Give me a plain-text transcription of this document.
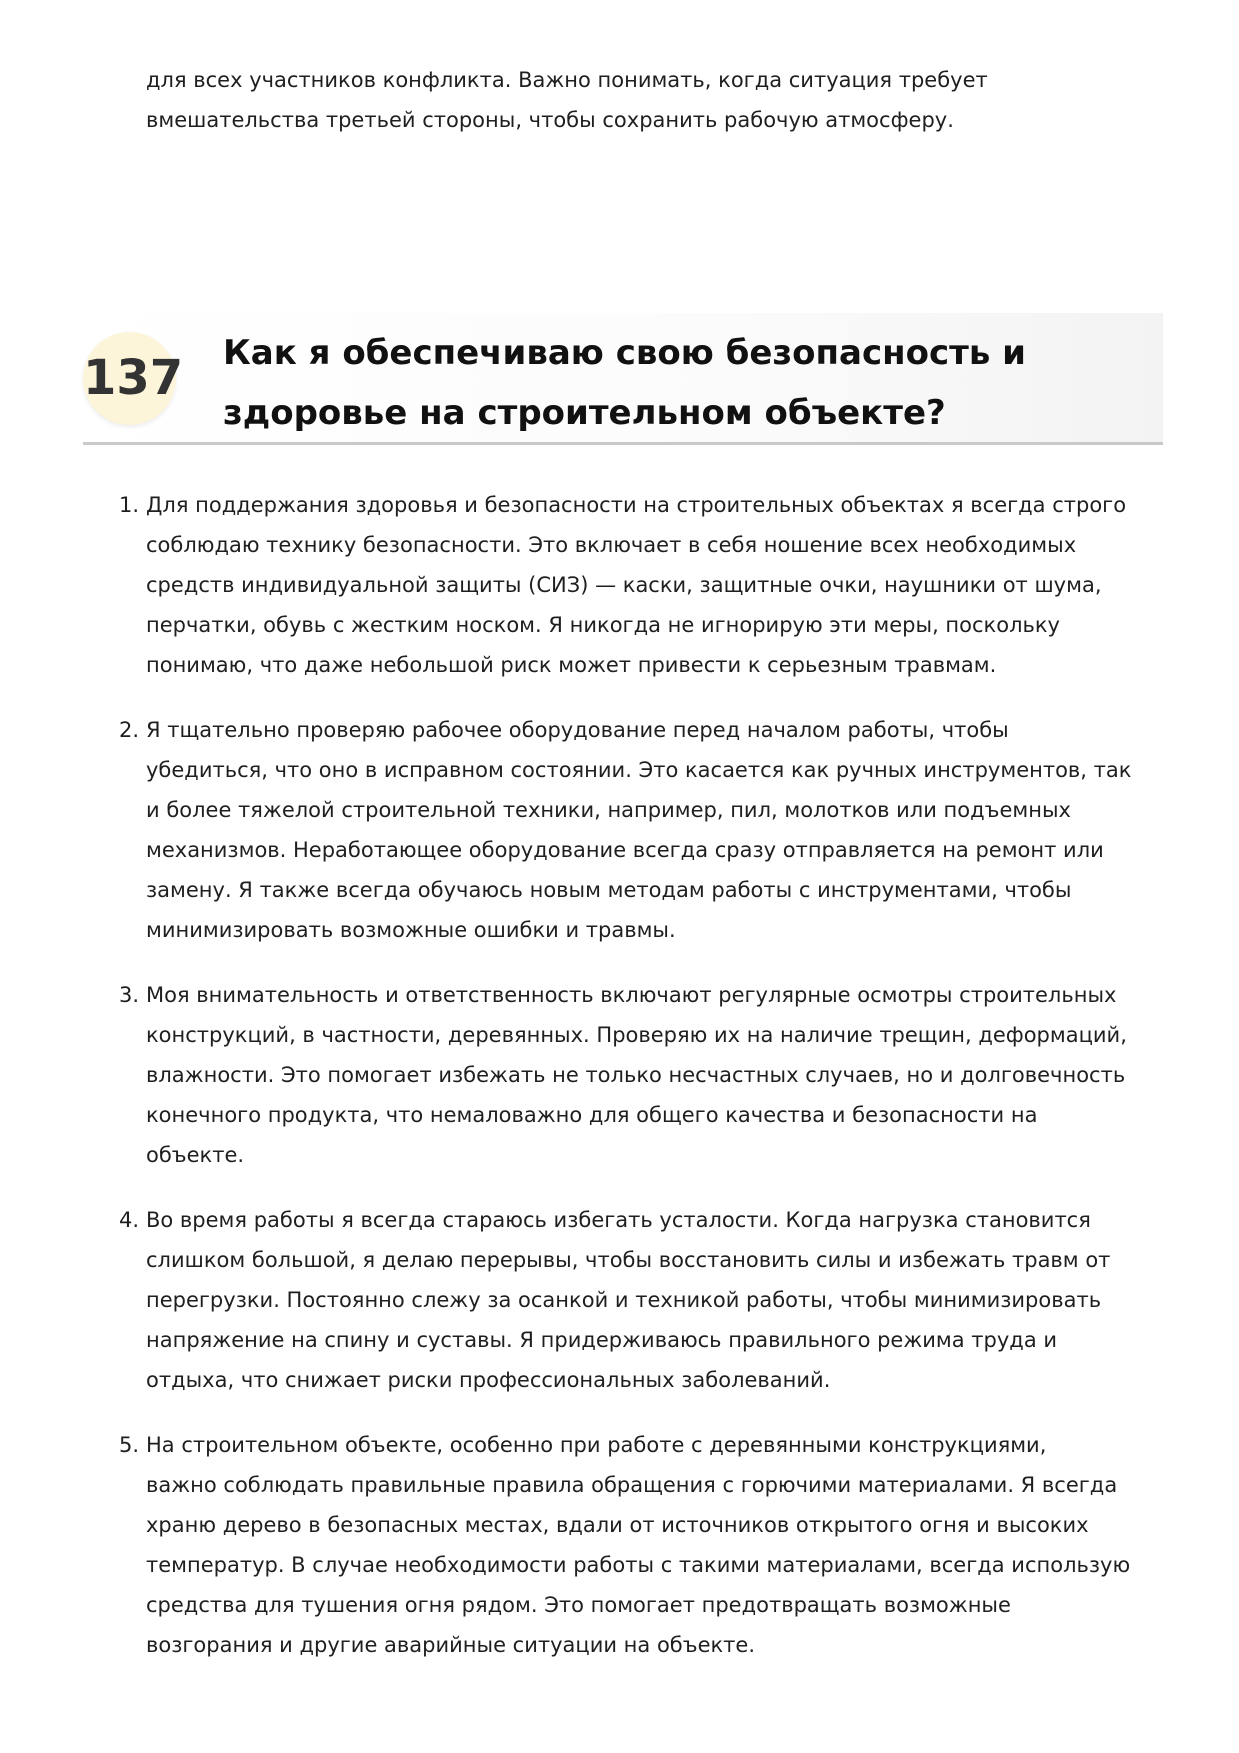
для всех участников конфликта. Важно понимать, когда ситуация требует
вмешательства третьей стороны, чтобы сохранить рабочую атмосферу.
137 Как я обеспечиваю свою безопасность и
здоровье на строительном объекте?
1. Для поддержания здоровья и безопасности на строительных объектах я всегда строго
соблюдаю технику безопасности. Это включает в себя ношение всех необходимых
средств индивидуальной защиты (СИЗ) — каски, защитные очки, наушники от шума,
перчатки, обувь с жестким носком. Я никогда не игнорирую эти меры, поскольку
понимаю, что даже небольшой риск может привести к серьезным травмам.
2. Я тщательно проверяю рабочее оборудование перед началом работы, чтобы
убедиться, что оно в исправном состоянии. Это касается как ручных инструментов, так
и более тяжелой строительной техники, например, пил, молотков или подъемных
механизмов. Неработающее оборудование всегда сразу отправляется на ремонт или
замену. Я также всегда обучаюсь новым методам работы с инструментами, чтобы
минимизировать возможные ошибки и травмы.
3. Моя внимательность и ответственность включают регулярные осмотры строительных
конструкций, в частности, деревянных. Проверяю их на наличие трещин, деформаций,
влажности. Это помогает избежать не только несчастных случаев, но и долговечность
конечного продукта, что немаловажно для общего качества и безопасности на
объекте.
4. Во время работы я всегда стараюсь избегать усталости. Когда нагрузка становится
слишком большой, я делаю перерывы, чтобы восстановить силы и избежать травм от
перегрузки. Постоянно слежу за осанкой и техникой работы, чтобы минимизировать
напряжение на спину и суставы. Я придерживаюсь правильного режима труда и
отдыха, что снижает риски профессиональных заболеваний.
5. На строительном объекте, особенно при работе с деревянными конструкциями,
важно соблюдать правильные правила обращения с горючими материалами. Я всегда
храню дерево в безопасных местах, вдали от источников открытого огня и высоких
температур. В случае необходимости работы с такими материалами, всегда использую
средства для тушения огня рядом. Это помогает предотвращать возможные
возгорания и другие аварийные ситуации на объекте.
